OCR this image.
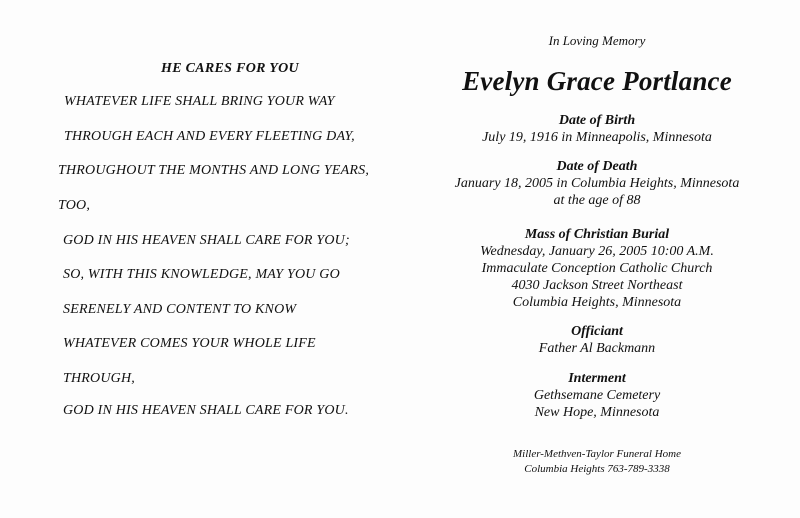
HE CARES FOR YOU
WHATEVER LIFE SHALL BRING YOUR WAY
THROUGH EACH AND EVERY FLEETING DAY,
THROUGHOUT THE MONTHS AND LONG YEARS,
TOO,
GOD IN HIS HEAVEN SHALL CARE FOR YOU;
SO, WITH THIS KNOWLEDGE, MAY YOU GO
SERENELY AND CONTENT TO KNOW
WHATEVER COMES YOUR WHOLE LIFE
THROUGH,
GOD IN HIS HEAVEN SHALL CARE FOR YOU.
In Loving Memory
Evelyn Grace Portlance
Date of Birth
July 19, 1916 in Minneapolis, Minnesota
Date of Death
January 18, 2005 in Columbia Heights, Minnesota
at the age of 88
Mass of Christian Burial
Wednesday, January 26, 2005 10:00 A.M.
Immaculate Conception Catholic Church
4030 Jackson Street Northeast
Columbia Heights, Minnesota
Officiant
Father Al Backmann
Interment
Gethsemane Cemetery
New Hope, Minnesota
Miller-Methven-Taylor Funeral Home
Columbia Heights 763-789-3338
